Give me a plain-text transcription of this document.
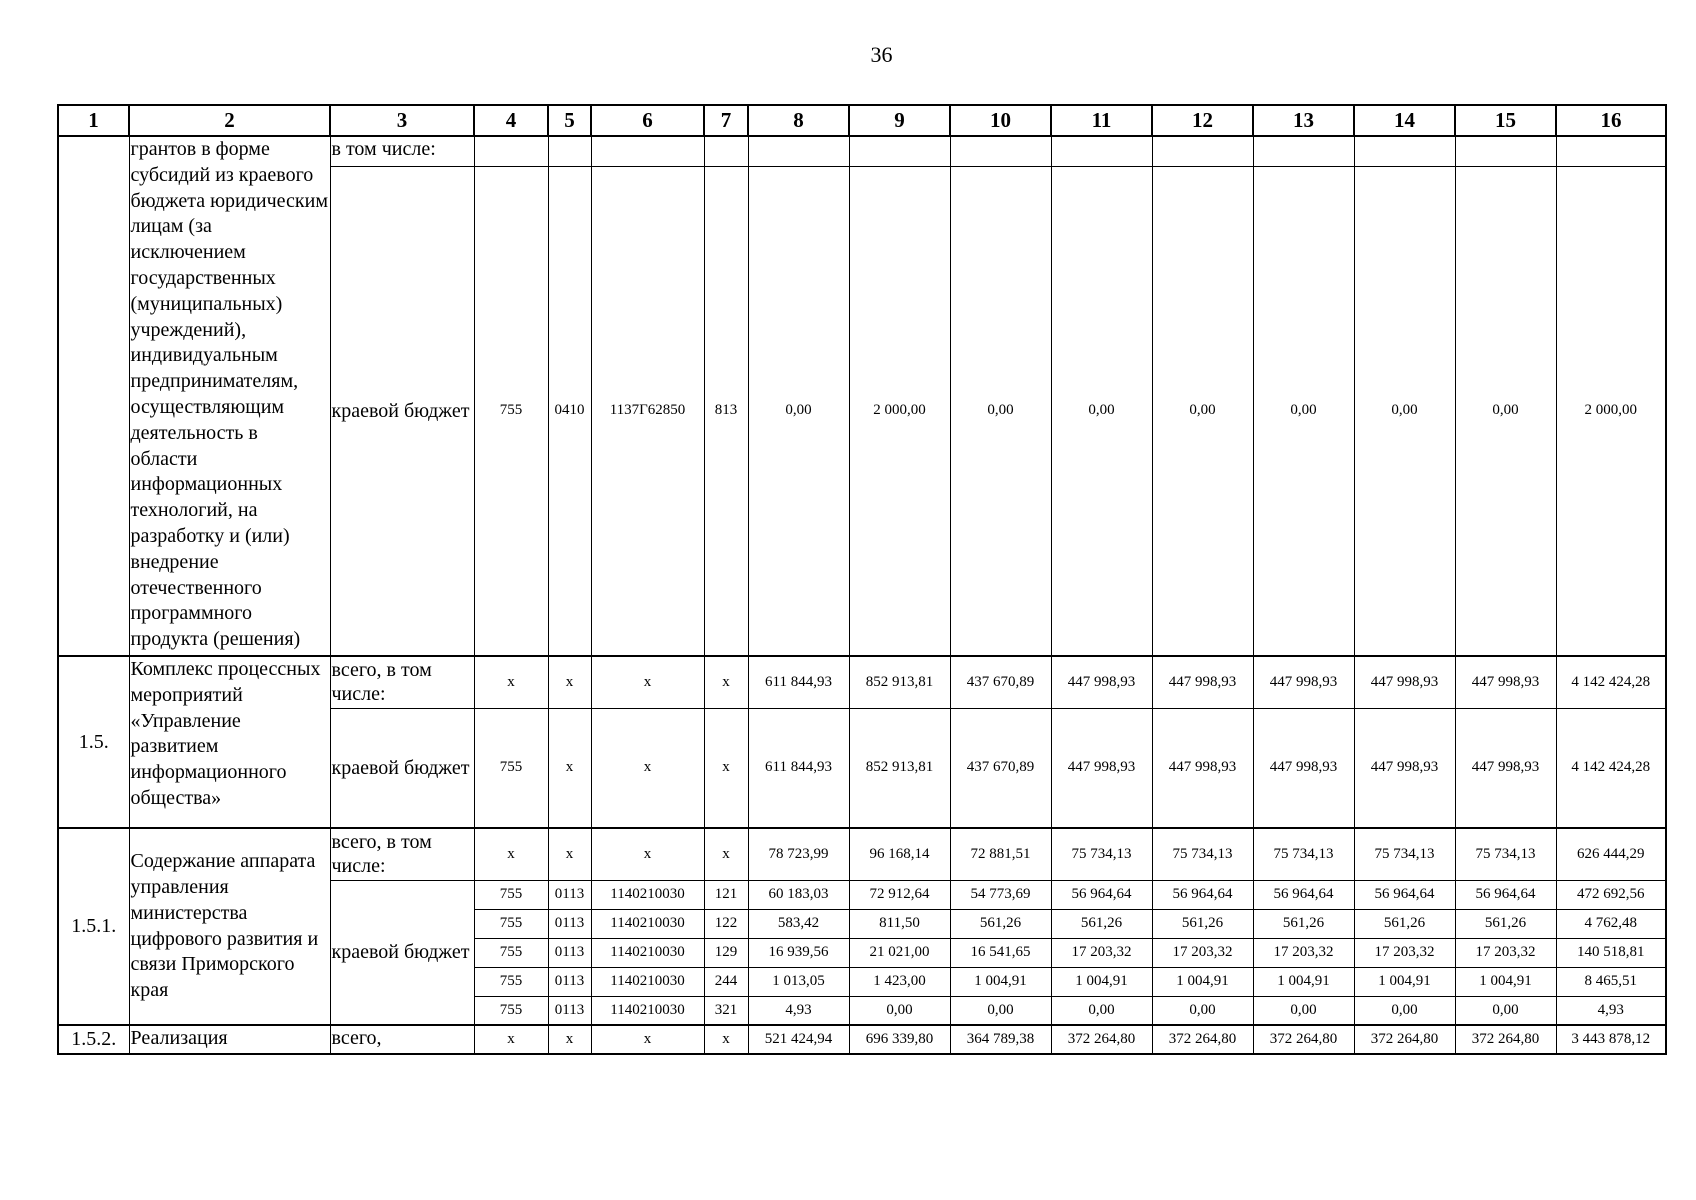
36
1	2	3	4	5	6	7	8	9	10	11	12	13	14	15	16
	грантов в форме субсидий из краевого бюджета юридическим лицам (за исключением государственных (муниципальных) учреждений), индивидуальным предпринимателям, осуществляющим деятельность в области информационных технологий, на разработку и (или) внедрение отечественного программного продукта (решения)	в том числе:													
		краевой бюджет	755	0410	1137Г62850	813	0,00	2 000,00	0,00	0,00	0,00	0,00	0,00	0,00	2 000,00
1.5.	Комплекс процессных мероприятий «Управление развитием информационного общества»	всего, в том числе:	x	x	x	x	611 844,93	852 913,81	437 670,89	447 998,93	447 998,93	447 998,93	447 998,93	447 998,93	4 142 424,28
		краевой бюджет	755	x	x	x	611 844,93	852 913,81	437 670,89	447 998,93	447 998,93	447 998,93	447 998,93	447 998,93	4 142 424,28
1.5.1.	Содержание аппарата управления министерства цифрового развития и связи Приморского края	всего, в том числе:	x	x	x	x	78 723,99	96 168,14	72 881,51	75 734,13	75 734,13	75 734,13	75 734,13	75 734,13	626 444,29
		краевой бюджет	755	0113	1140210030	121	60 183,03	72 912,64	54 773,69	56 964,64	56 964,64	56 964,64	56 964,64	56 964,64	472 692,56
			755	0113	1140210030	122	583,42	811,50	561,26	561,26	561,26	561,26	561,26	561,26	4 762,48
			755	0113	1140210030	129	16 939,56	21 021,00	16 541,65	17 203,32	17 203,32	17 203,32	17 203,32	17 203,32	140 518,81
			755	0113	1140210030	244	1 013,05	1 423,00	1 004,91	1 004,91	1 004,91	1 004,91	1 004,91	1 004,91	8 465,51
			755	0113	1140210030	321	4,93	0,00	0,00	0,00	0,00	0,00	0,00	0,00	4,93
1.5.2.	Реализация	всего,	x	x	x	x	521 424,94	696 339,80	364 789,38	372 264,80	372 264,80	372 264,80	372 264,80	372 264,80	3 443 878,12
